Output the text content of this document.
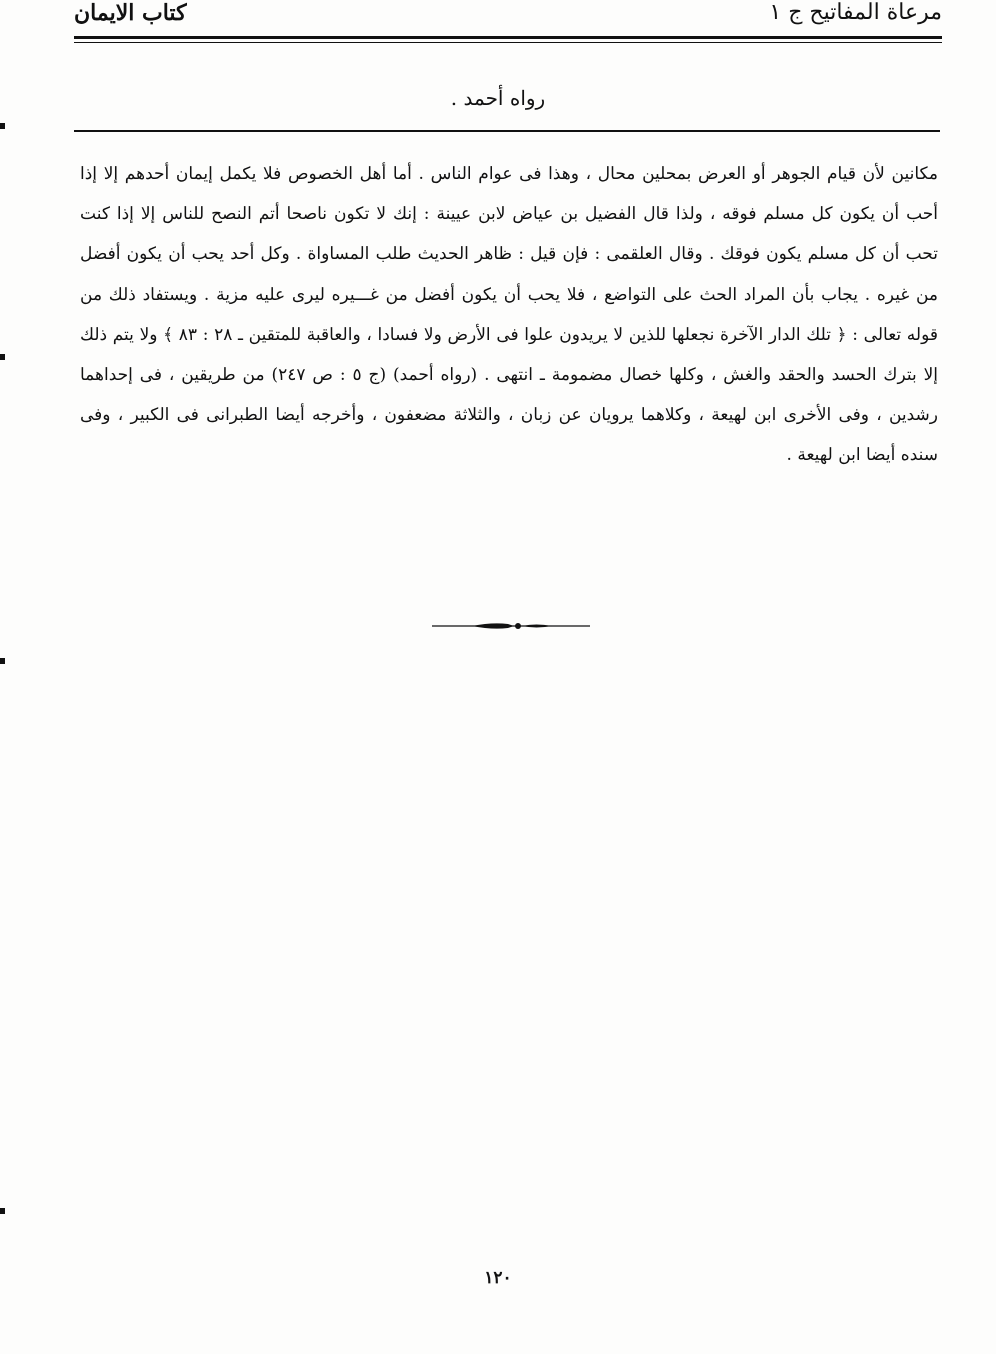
كتاب الايمان	مرعاة المفاتيح ج ١
رواه أحمد .
مكانين لأن قيام الجوهر أو العرض بمحلين محال ، وهذا فى عوام الناس . أما أهل الخصوص فلا يكمل إيمان أحدهم إلا إذا أحب أن يكون كل مسلم فوقه ، ولذا قال الفضيل بن عياض لابن عيينة : إنك لا تكون ناصحا أتم النصح للناس إلا إذا كنت تحب أن كل مسلم يكون فوقك . وقال العلقمى : فإن قيل : ظاهر الحديث طلب المساواة . وكل أحد يحب أن يكون أفضل من غيره . يجاب بأن المراد الحث على التواضع ، فلا يحب أن يكون أفضل من غـــيره ليرى عليه مزية . ويستفاد ذلك من قوله تعالى : ﴿ تلك الدار الآخرة نجعلها للذين لا يريدون علوا فى الأرض ولا فسادا ، والعاقبة للمتقين ـ ٢٨ : ٨٣ ﴾ ولا يتم ذلك إلا بترك الحسد والحقد والغش ، وكلها خصال مضمومة ـ انتهى . (رواه أحمد) (ج ٥ : ص ٢٤٧) من طريقين ، فى إحداهما رشدين ، وفى الأخرى ابن لهيعة ، وكلاهما يرويان عن زبان ، والثلاثة مضعفون ، وأخرجه أيضا الطبرانى فى الكبير ، وفى سنده أيضا ابن لهيعة .
١٢٠
